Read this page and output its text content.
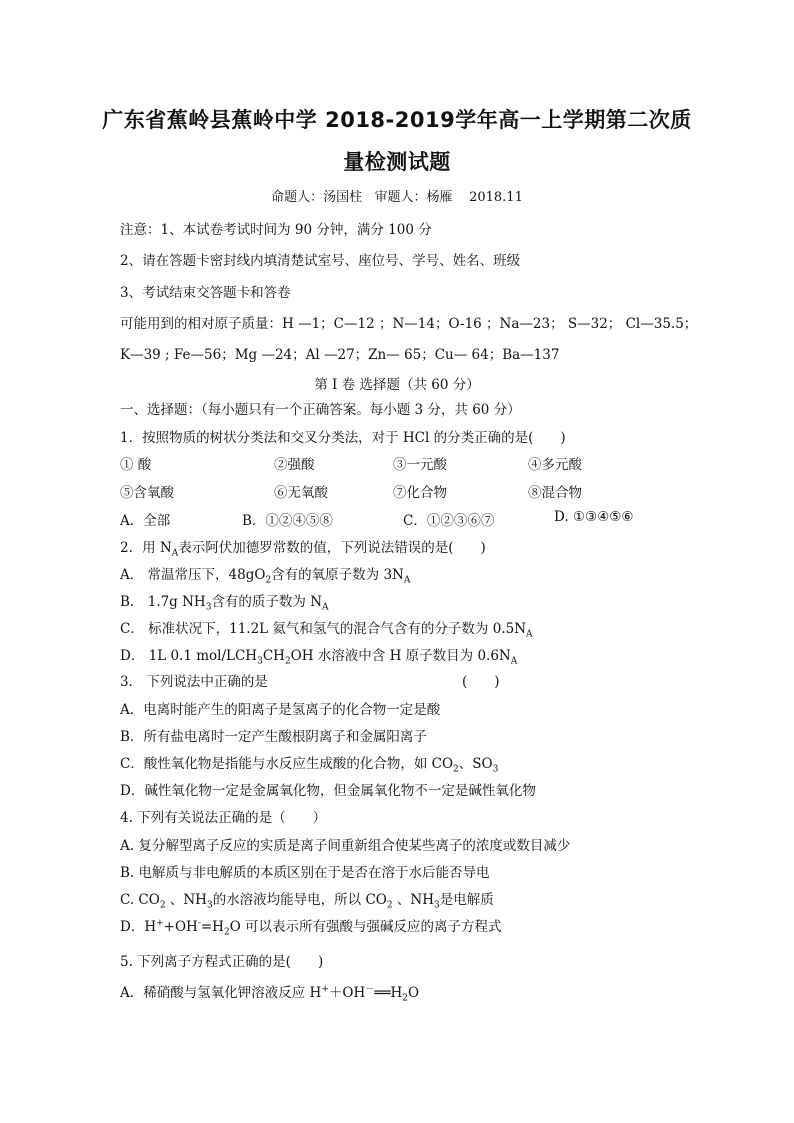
广东省蕉岭县蕉岭中学 2018-2019学年高一上学期第二次质
量检测试题
命题人：汤国柱   审题人：杨雁    2018.11
注意：1、本试卷考试时间为 90 分钟，满分 100 分
2、请在答题卡密封线内填清楚试室号、座位号、学号、姓名、班级
3、考试结束交答题卡和答卷
可能用到的相对原子质量：H —1；C—12 ；N—14；O-16 ；Na—23； S—32； Cl—35.5；
K—39 ; Fe—56；Mg —24；Al —27；Zn— 65；Cu— 64；Ba—137
第 I 卷 选择题（共 60 分）
一、选择题：（每小题只有一个正确答案。每小题 3 分，共 60 分）
1．按照物质的树状分类法和交叉分类法，对于 HCl 的分类正确的是(　　)
① 酸	②强酸	③一元酸	④多元酸
⑤含氧酸	⑥无氧酸	⑦化合物	⑧混合物
A．全部	B．①②④⑤⑧	C．①②③⑥⑦	D. ①③④⑤⑥
2．用 $N_A$表示阿伏加德罗常数的值，下列说法错误的是(　　)
A． 常温常压下，$48gO_2$含有的氧原子数为 $3N_A$
B． 1.7g $NH_3$含有的质子数为 $N_A$
C． 标准状况下，11.2L 氦气和氢气的混合气含有的分子数为 $0.5N_A$
D． 1L 0.1 mol/$LCH_3CH_2OH$ 水溶液中含 H 原子数目为 $0.6N_A$
3． 下列说法中正确的是	(　　)
A．电离时能产生的阳离子是氢离子的化合物一定是酸
B．所有盐电离时一定产生酸根阴离子和金属阳离子
C．酸性氧化物是指能与水反应生成酸的化合物，如 $CO_2$、$SO_3$
D．碱性氧化物一定是金属氧化物，但金属氧化物不一定是碱性氧化物
4. 下列有关说法正确的是（　　）
A. 复分解型离子反应的实质是离子间重新组合使某些离子的浓度或数目减少
B. 电解质与非电解质的本质区别在于是否在溶于水后能否导电
C. $CO_2$ 、$NH_3$的水溶液均能导电，所以 $CO_2$ 、$NH_3$是电解质
D．$H^++OH^-=H_2O$ 可以表示所有强酸与强碱反应的离子方程式
5. 下列离子方程式正确的是(　　)
A．稀硝酸与氢氧化钾溶液反应 $H^++OH^-══H_2O$
